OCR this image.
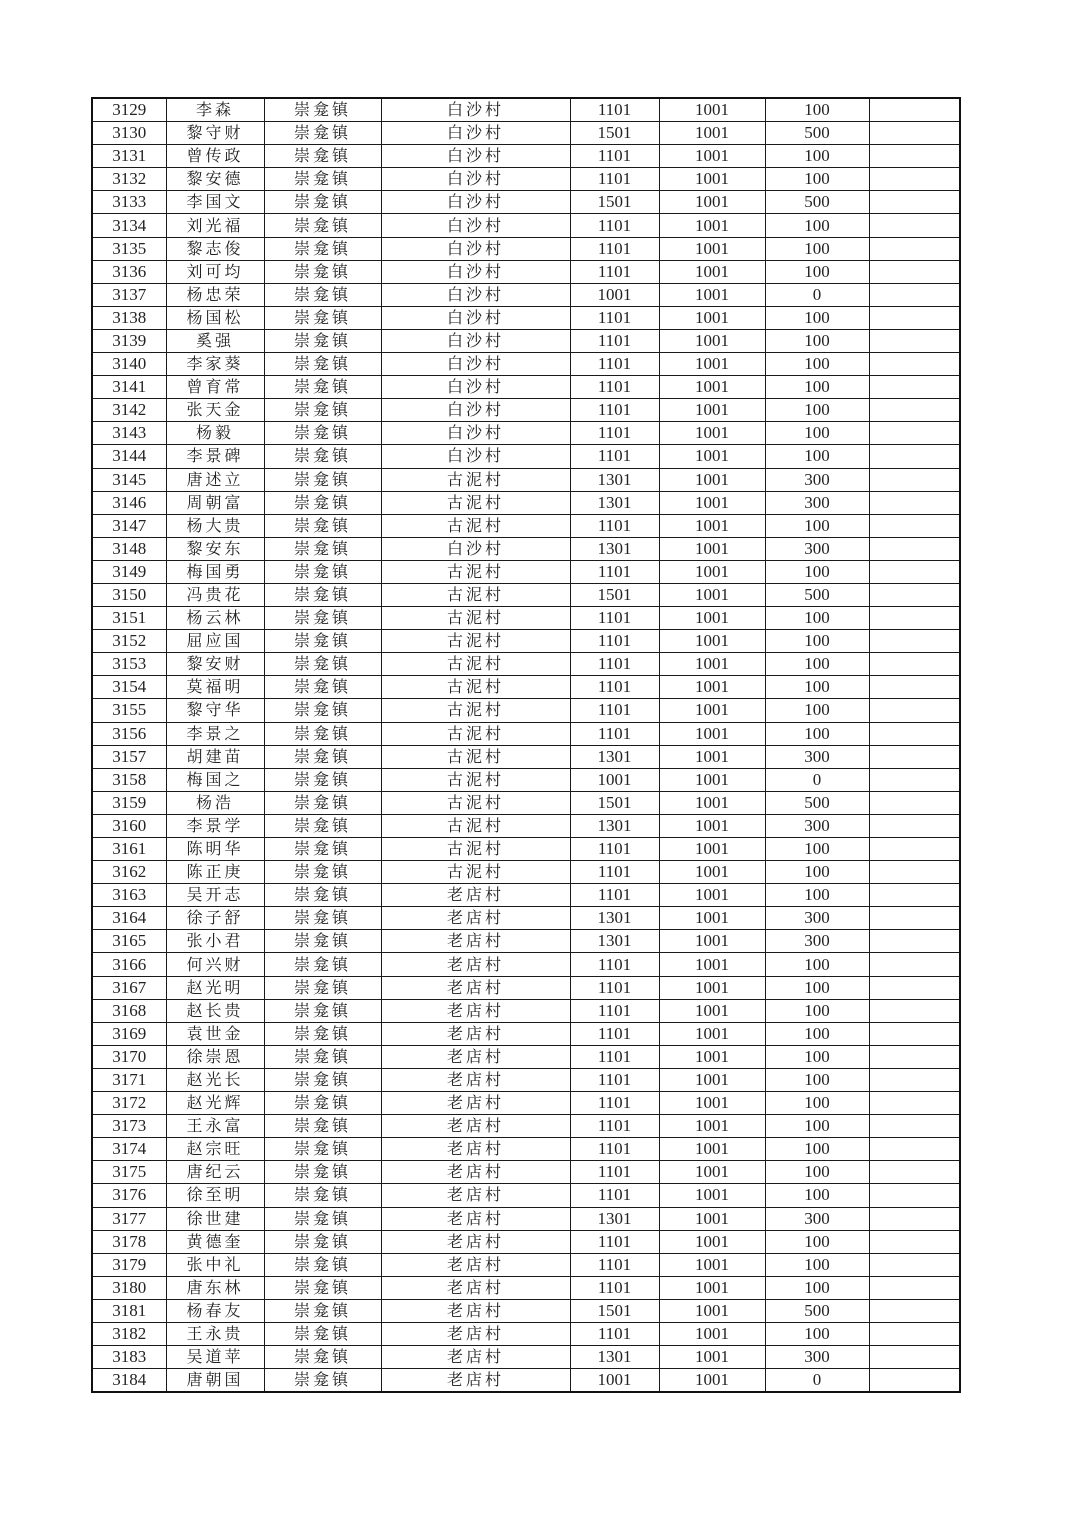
3129	李森	崇龛镇	白沙村	1101	1001	100	
3130	黎守财	崇龛镇	白沙村	1501	1001	500	
3131	曾传政	崇龛镇	白沙村	1101	1001	100	
3132	黎安德	崇龛镇	白沙村	1101	1001	100	
3133	李国文	崇龛镇	白沙村	1501	1001	500	
3134	刘光福	崇龛镇	白沙村	1101	1001	100	
3135	黎志俊	崇龛镇	白沙村	1101	1001	100	
3136	刘可均	崇龛镇	白沙村	1101	1001	100	
3137	杨忠荣	崇龛镇	白沙村	1001	1001	0	
3138	杨国松	崇龛镇	白沙村	1101	1001	100	
3139	奚强	崇龛镇	白沙村	1101	1001	100	
3140	李家葵	崇龛镇	白沙村	1101	1001	100	
3141	曾育常	崇龛镇	白沙村	1101	1001	100	
3142	张天金	崇龛镇	白沙村	1101	1001	100	
3143	杨毅	崇龛镇	白沙村	1101	1001	100	
3144	李景碑	崇龛镇	白沙村	1101	1001	100	
3145	唐述立	崇龛镇	古泥村	1301	1001	300	
3146	周朝富	崇龛镇	古泥村	1301	1001	300	
3147	杨大贵	崇龛镇	古泥村	1101	1001	100	
3148	黎安东	崇龛镇	白沙村	1301	1001	300	
3149	梅国勇	崇龛镇	古泥村	1101	1001	100	
3150	冯贵花	崇龛镇	古泥村	1501	1001	500	
3151	杨云林	崇龛镇	古泥村	1101	1001	100	
3152	屈应国	崇龛镇	古泥村	1101	1001	100	
3153	黎安财	崇龛镇	古泥村	1101	1001	100	
3154	莫福明	崇龛镇	古泥村	1101	1001	100	
3155	黎守华	崇龛镇	古泥村	1101	1001	100	
3156	李景之	崇龛镇	古泥村	1101	1001	100	
3157	胡建苗	崇龛镇	古泥村	1301	1001	300	
3158	梅国之	崇龛镇	古泥村	1001	1001	0	
3159	杨浩	崇龛镇	古泥村	1501	1001	500	
3160	李景学	崇龛镇	古泥村	1301	1001	300	
3161	陈明华	崇龛镇	古泥村	1101	1001	100	
3162	陈正庚	崇龛镇	古泥村	1101	1001	100	
3163	吴开志	崇龛镇	老店村	1101	1001	100	
3164	徐子舒	崇龛镇	老店村	1301	1001	300	
3165	张小君	崇龛镇	老店村	1301	1001	300	
3166	何兴财	崇龛镇	老店村	1101	1001	100	
3167	赵光明	崇龛镇	老店村	1101	1001	100	
3168	赵长贵	崇龛镇	老店村	1101	1001	100	
3169	袁世金	崇龛镇	老店村	1101	1001	100	
3170	徐崇恩	崇龛镇	老店村	1101	1001	100	
3171	赵光长	崇龛镇	老店村	1101	1001	100	
3172	赵光辉	崇龛镇	老店村	1101	1001	100	
3173	王永富	崇龛镇	老店村	1101	1001	100	
3174	赵宗旺	崇龛镇	老店村	1101	1001	100	
3175	唐纪云	崇龛镇	老店村	1101	1001	100	
3176	徐至明	崇龛镇	老店村	1101	1001	100	
3177	徐世建	崇龛镇	老店村	1301	1001	300	
3178	黄德奎	崇龛镇	老店村	1101	1001	100	
3179	张中礼	崇龛镇	老店村	1101	1001	100	
3180	唐东林	崇龛镇	老店村	1101	1001	100	
3181	杨春友	崇龛镇	老店村	1501	1001	500	
3182	王永贵	崇龛镇	老店村	1101	1001	100	
3183	吴道苹	崇龛镇	老店村	1301	1001	300	
3184	唐朝国	崇龛镇	老店村	1001	1001	0	
